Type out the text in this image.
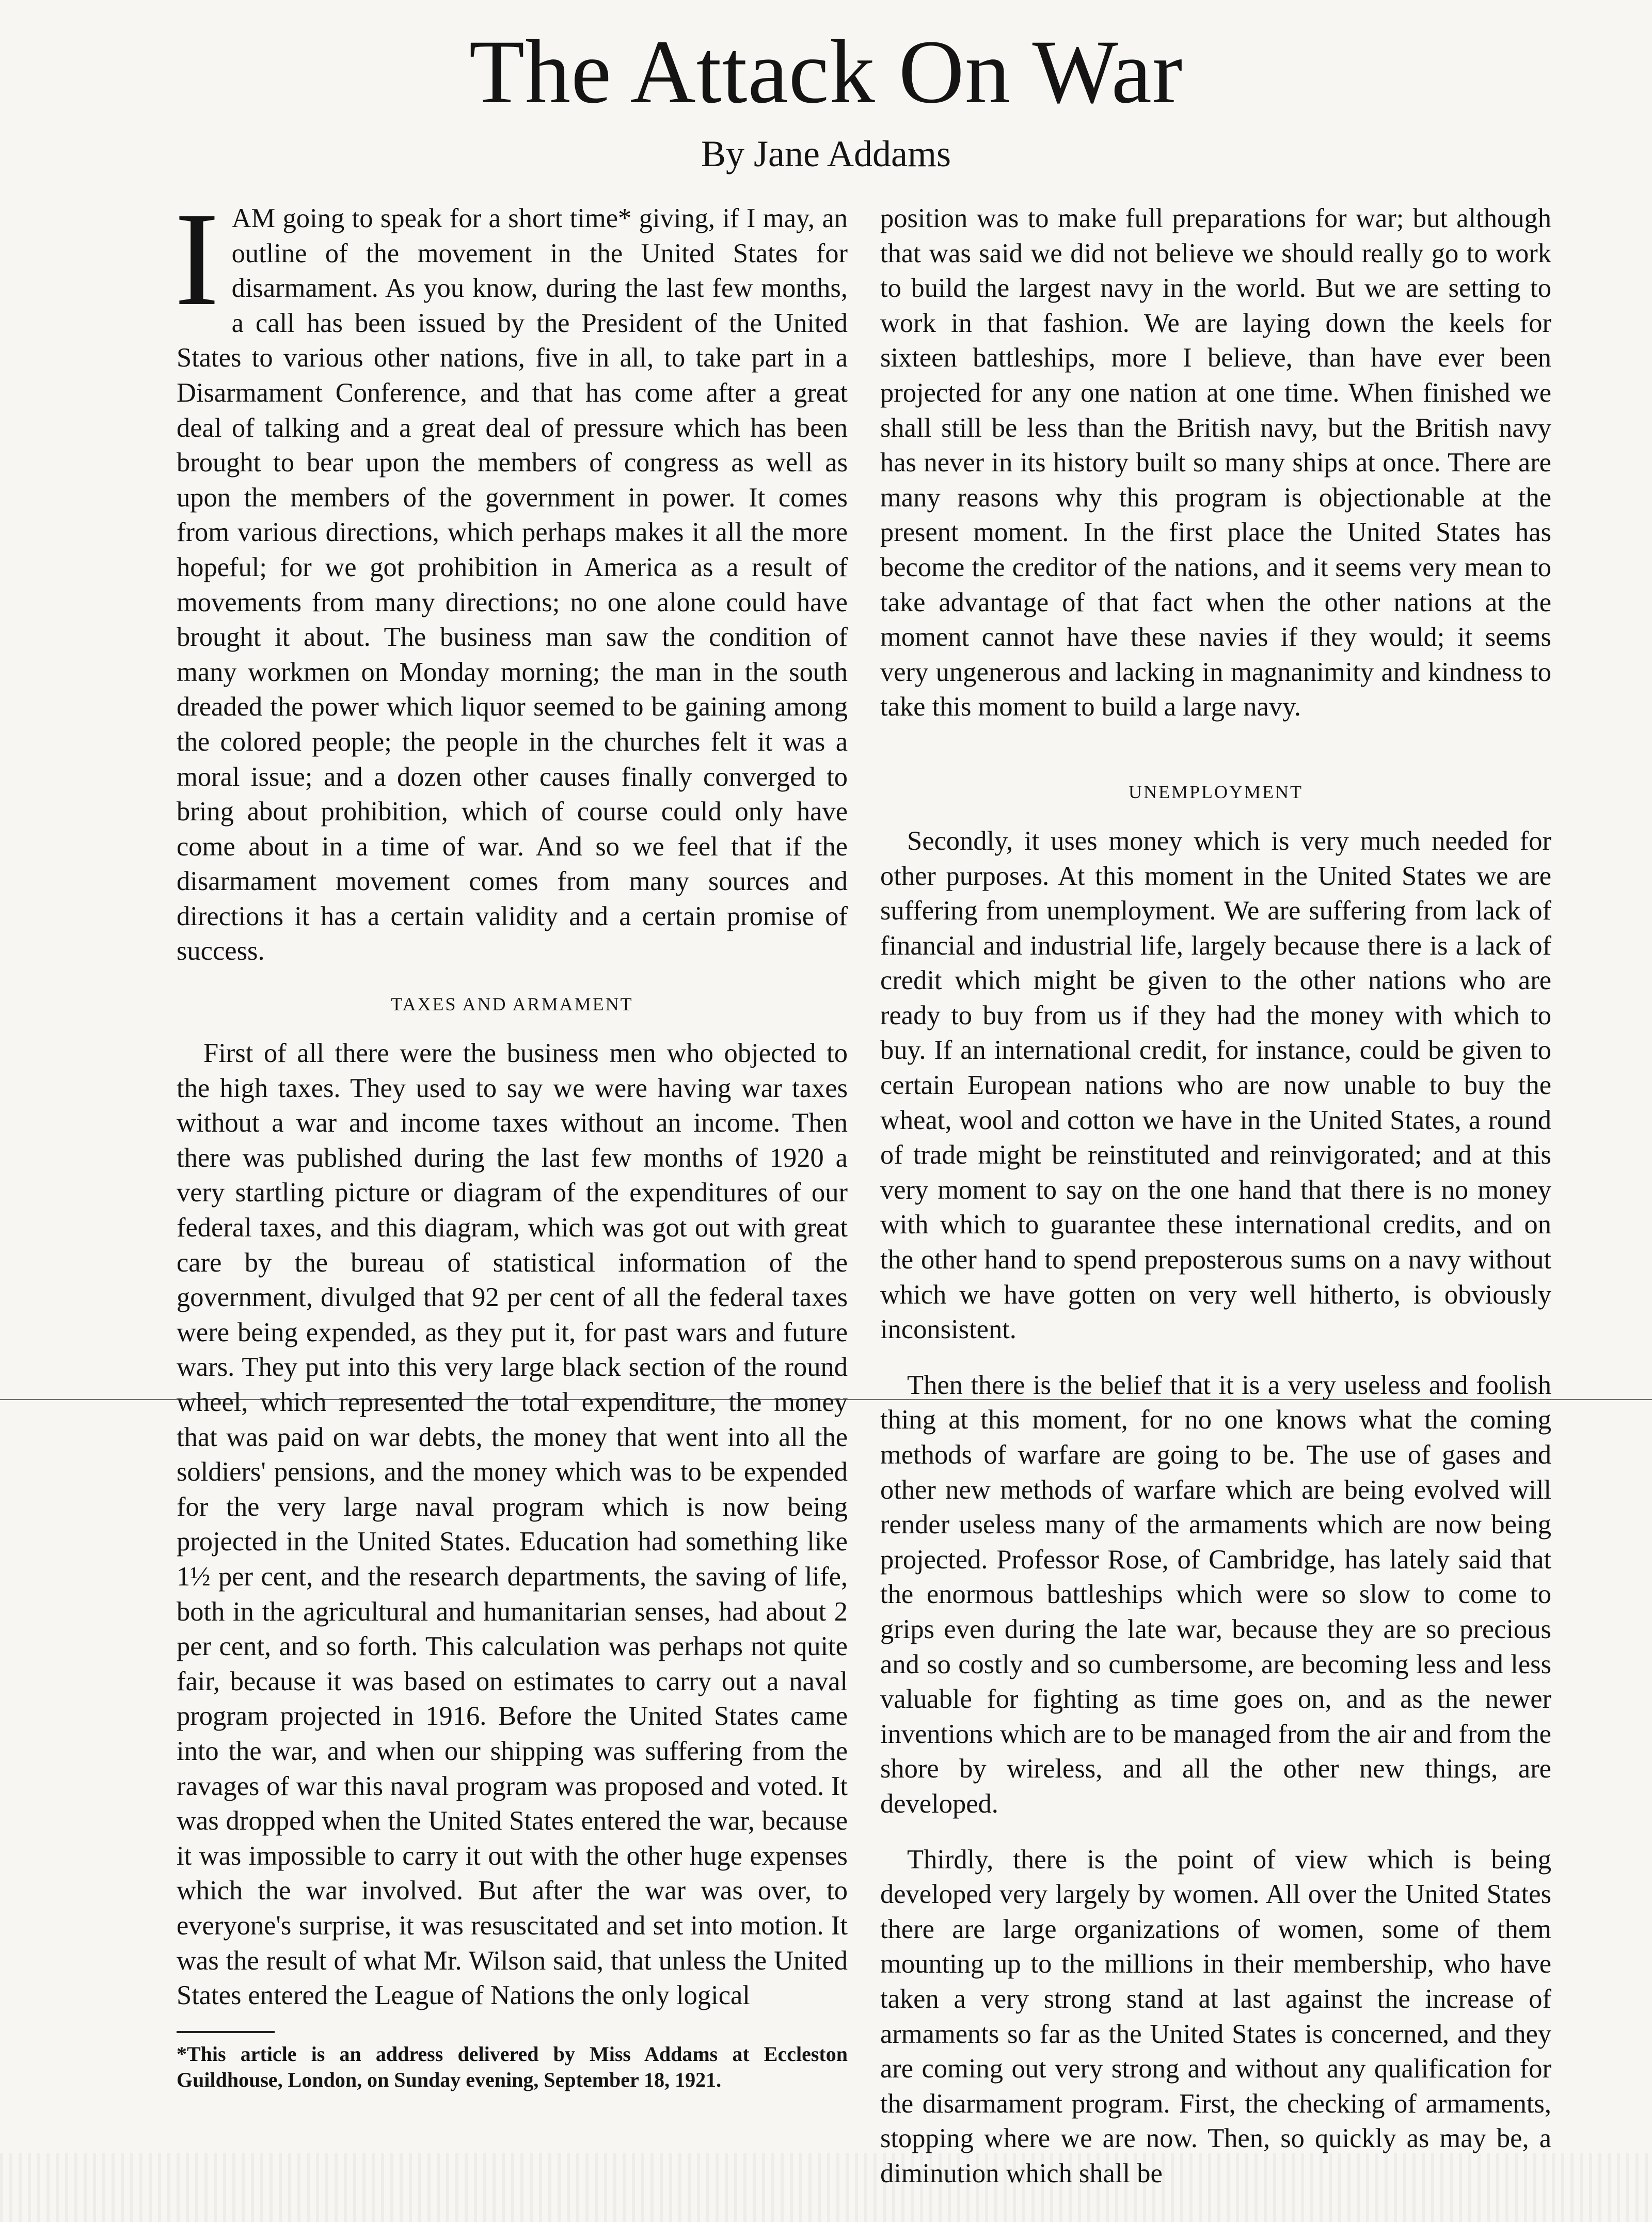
The Attack On War
By Jane Addams

IAM going to speak for a short time* giving, if I may, an outline of the movement in the United States for disarmament. As you know, during the last few months, a call has been issued by the President of the United States to various other nations, five in all, to take part in a Disarmament Conference, and that has come after a great deal of talking and a great deal of pressure which has been brought to bear upon the members of congress as well as upon the members of the government in power. It comes from various directions, which perhaps makes it all the more hopeful; for we got prohibition in America as a result of movements from many directions; no one alone could have brought it about. The business man saw the condition of many workmen on Monday morning; the man in the south dreaded the power which liquor seemed to be gaining among the colored people; the people in the churches felt it was a moral issue; and a dozen other causes finally converged to bring about prohibition, which of course could only have come about in a time of war. And so we feel that if the disarmament movement comes from many sources and directions it has a certain validity and a certain promise of success.

TAXES AND ARMAMENT

First of all there were the business men who objected to the high taxes. They used to say we were having war taxes without a war and income taxes without an income. Then there was published during the last few months of 1920 a very startling picture or diagram of the expenditures of our federal taxes, and this diagram, which was got out with great care by the bureau of statistical information of the government, divulged that 92 per cent of all the federal taxes were being expended, as they put it, for past wars and future wars. They put into this very large black section of the round wheel, which represented the total expenditure, the money that was paid on war debts, the money that went into all the soldiers' pensions, and the money which was to be expended for the very large naval program which is now being projected in the United States. Education had something like 1½ per cent, and the research departments, the saving of life, both in the agricultural and humanitarian senses, had about 2 per cent, and so forth. This calculation was perhaps not quite fair, because it was based on estimates to carry out a naval program projected in 1916. Before the United States came into the war, and when our shipping was suffering from the ravages of war this naval program was proposed and voted. It was dropped when the United States entered the war, because it was impossible to carry it out with the other huge expenses which the war involved. But after the war was over, to everyone's surprise, it was resuscitated and set into motion. It was the result of what Mr. Wilson said, that unless the United States entered the League of Nations the only logical

*This article is an address delivered by Miss Addams at Eccleston Guildhouse, London, on Sunday evening, September 18, 1921.

position was to make full preparations for war; but although that was said we did not believe we should really go to work to build the largest navy in the world. But we are setting to work in that fashion. We are laying down the keels for sixteen battleships, more I believe, than have ever been projected for any one nation at one time. When finished we shall still be less than the British navy, but the British navy has never in its history built so many ships at once. There are many reasons why this program is objectionable at the present moment. In the first place the United States has become the creditor of the nations, and it seems very mean to take advantage of that fact when the other nations at the moment cannot have these navies if they would; it seems very ungenerous and lacking in magnanimity and kindness to take this moment to build a large navy.

UNEMPLOYMENT

Secondly, it uses money which is very much needed for other purposes. At this moment in the United States we are suffering from unemployment. We are suffering from lack of financial and industrial life, largely because there is a lack of credit which might be given to the other nations who are ready to buy from us if they had the money with which to buy. If an international credit, for instance, could be given to certain European nations who are now unable to buy the wheat, wool and cotton we have in the United States, a round of trade might be reinstituted and reinvigorated; and at this very moment to say on the one hand that there is no money with which to guarantee these international credits, and on the other hand to spend preposterous sums on a navy without which we have gotten on very well hitherto, is obviously inconsistent.

Then there is the belief that it is a very useless and foolish thing at this moment, for no one knows what the coming methods of warfare are going to be. The use of gases and other new methods of warfare which are being evolved will render useless many of the armaments which are now being projected. Professor Rose, of Cambridge, has lately said that the enormous battleships which were so slow to come to grips even during the late war, because they are so precious and so costly and so cumbersome, are becoming less and less valuable for fighting as time goes on, and as the newer inventions which are to be managed from the air and from the shore by wireless, and all the other new things, are developed.

Thirdly, there is the point of view which is being developed very largely by women. All over the United States there are large organizations of women, some of them mounting up to the millions in their membership, who have taken a very strong stand at last against the increase of armaments so far as the United States is concerned, and they are coming out very strong and without any qualification for the disarmament program. First, the checking of armaments, stopping where we are now. Then, so quickly as may be, a diminution which shall be
